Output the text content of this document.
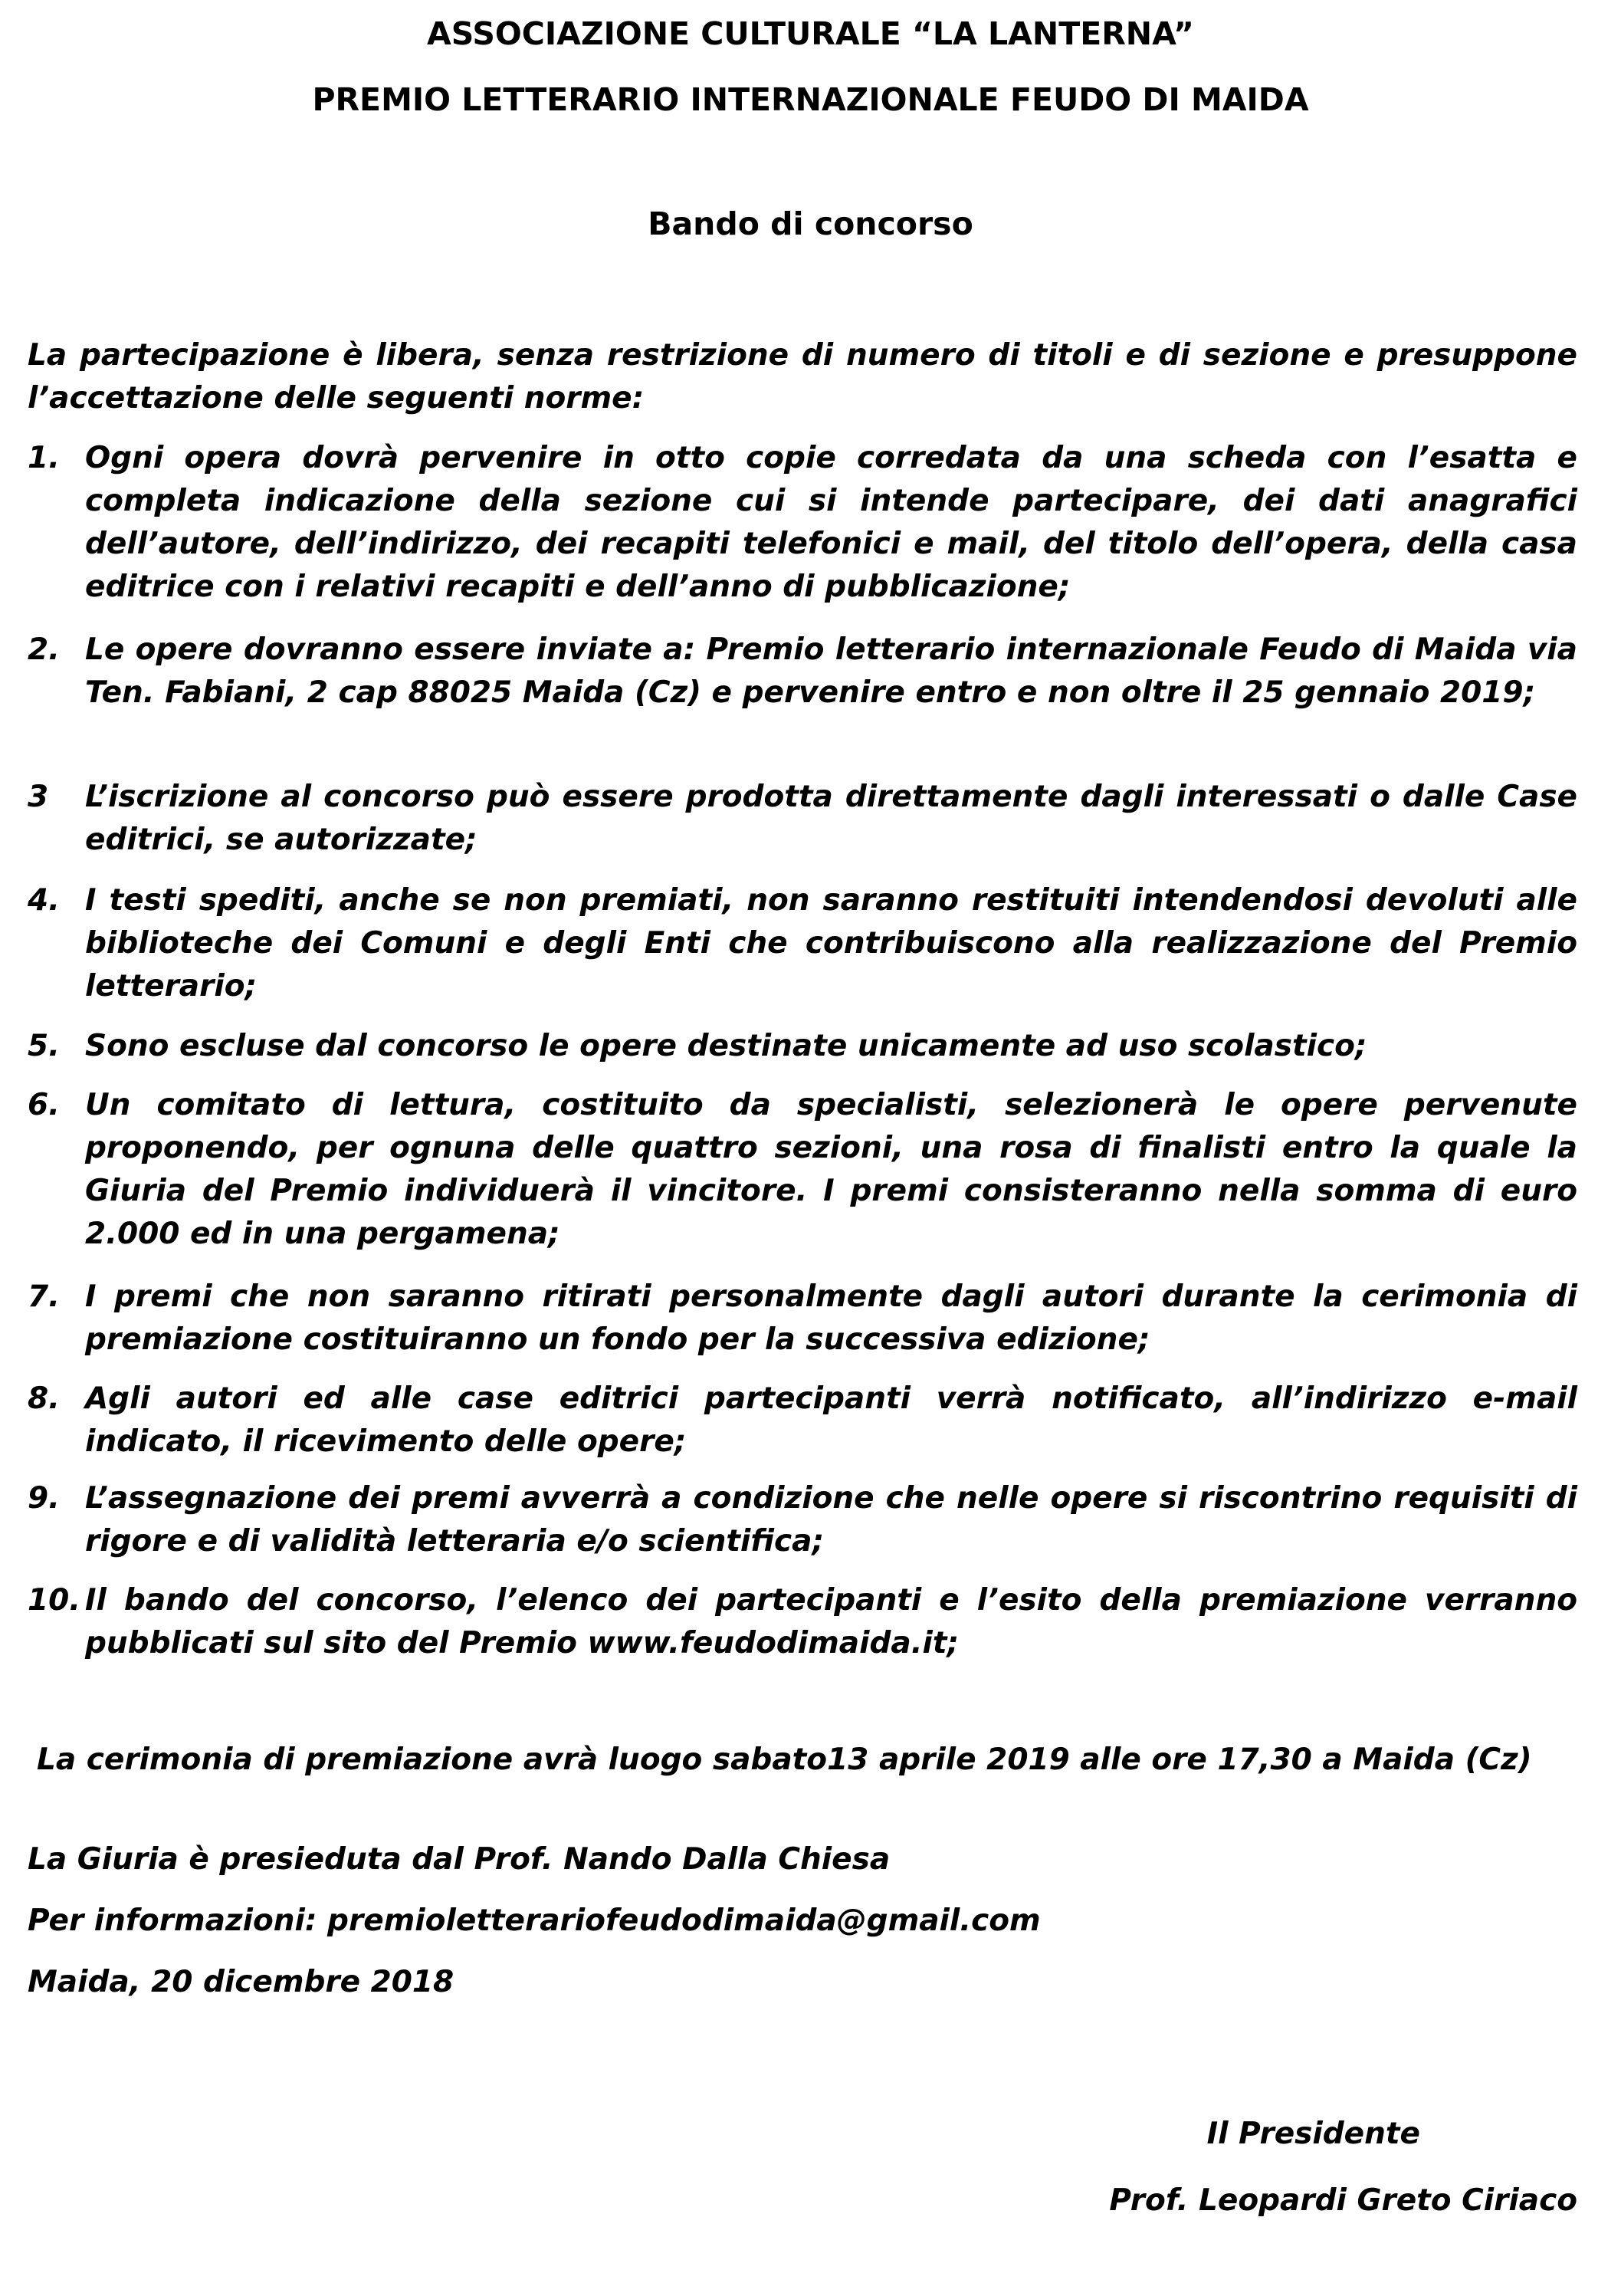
ASSOCIAZIONE CULTURALE “LA LANTERNA”
PREMIO LETTERARIO INTERNAZIONALE FEUDO DI MAIDA
Bando di concorso
La partecipazione è libera, senza restrizione di numero di titoli e di sezione e presuppone l’accettazione delle seguenti norme:
1. Ogni opera dovrà pervenire in otto copie corredata da una scheda con l’esatta e completa indicazione della sezione cui si intende partecipare, dei dati anagrafici dell’autore, dell’indirizzo, dei recapiti telefonici e mail, del titolo dell’opera, della casa editrice con i relativi recapiti e dell’anno di pubblicazione;
2. Le opere dovranno essere inviate a: Premio letterario internazionale Feudo di Maida via Ten. Fabiani, 2 cap 88025 Maida (Cz) e pervenire entro e non oltre il 25 gennaio 2019;
3	L’iscrizione al concorso può essere prodotta direttamente dagli interessati o dalle Case editrici, se autorizzate;
4. I testi spediti, anche se non premiati, non saranno restituiti intendendosi devoluti alle biblioteche dei Comuni e degli Enti che contribuiscono alla realizzazione del Premio letterario;
5. Sono escluse dal concorso le opere destinate unicamente ad uso scolastico;
6. Un comitato di lettura, costituito da specialisti, selezionerà le opere pervenute proponendo, per ognuna delle quattro sezioni, una rosa di finalisti entro la quale la Giuria del Premio individuerà il vincitore. I premi consisteranno nella somma di euro 2.000 ed in una pergamena;
7. I premi che non saranno ritirati personalmente dagli autori durante la cerimonia di premiazione costituiranno un fondo per la successiva edizione;
8. Agli autori ed alle case editrici partecipanti verrà notificato, all’indirizzo e-mail indicato, il ricevimento delle opere;
9. L’assegnazione dei premi avverrà a condizione che nelle opere si riscontrino requisiti di rigore e di validità letteraria e/o scientifica;
10. Il bando del concorso, l’elenco dei partecipanti e l’esito della premiazione verranno pubblicati sul sito del Premio www.feudodimaida.it;
La cerimonia di premiazione avrà luogo sabato13 aprile 2019 alle ore 17,30 a Maida (Cz)
La Giuria è presieduta dal Prof. Nando Dalla Chiesa
Per informazioni: premioletterariofeudodimaida@gmail.com
Maida, 20 dicembre 2018
Il Presidente
Prof. Leopardi Greto Ciriaco
